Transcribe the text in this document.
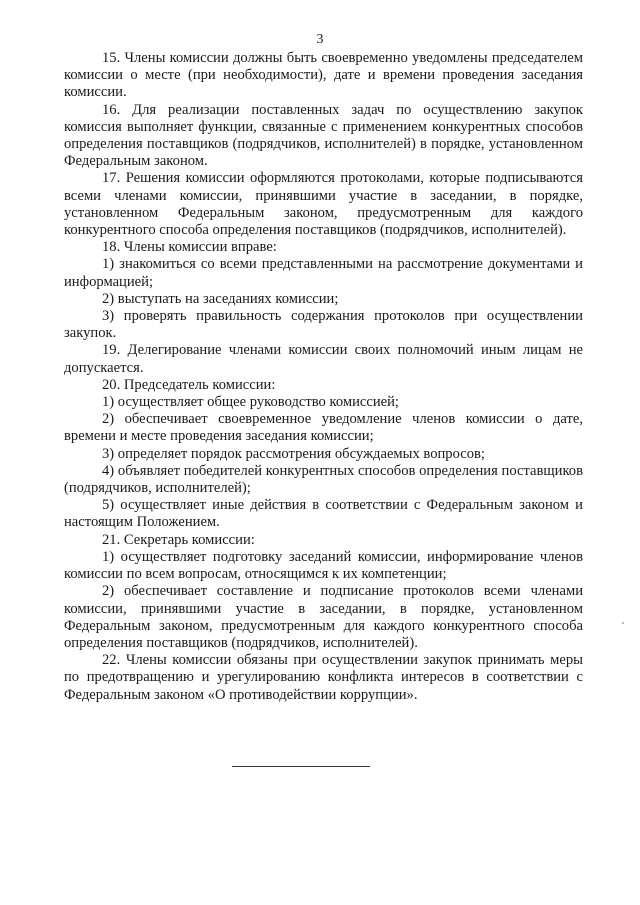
3

15. Члены комиссии должны быть своевременно уведомлены председателем комиссии о месте (при необходимости), дате и времени проведения заседания комиссии.

16. Для реализации поставленных задач по осуществлению закупок комиссия выполняет функции, связанные с применением конкурентных способов определения поставщиков (подрядчиков, исполнителей) в порядке, установленном Федеральным законом.

17. Решения комиссии оформляются протоколами, которые подписываются всеми членами комиссии, принявшими участие в заседании, в порядке, установленном Федеральным законом, предусмотренным для каждого конкурентного способа определения поставщиков (подрядчиков, исполнителей).

18. Члены комиссии вправе:

1) знакомиться со всеми представленными на рассмотрение документами и информацией;

2) выступать на заседаниях комиссии;

3) проверять правильность содержания протоколов при осуществлении закупок.

19. Делегирование членами комиссии своих полномочий иным лицам не допускается.

20. Председатель комиссии:

1) осуществляет общее руководство комиссией;

2) обеспечивает своевременное уведомление членов комиссии о дате, времени и месте проведения заседания комиссии;

3) определяет порядок рассмотрения обсуждаемых вопросов;

4) объявляет победителей конкурентных способов определения поставщиков (подрядчиков, исполнителей);

5) осуществляет иные действия в соответствии с Федеральным законом и настоящим Положением.

21. Секретарь комиссии:

1) осуществляет подготовку заседаний комиссии, информирование членов комиссии по всем вопросам, относящимся к их компетенции;

2) обеспечивает составление и подписание протоколов всеми членами комиссии, принявшими участие в заседании, в порядке, установленном Федеральным законом, предусмотренным для каждого конкурентного способа определения поставщиков (подрядчиков, исполнителей).

22. Члены комиссии обязаны при осуществлении закупок принимать меры по предотвращению и урегулированию конфликта интересов в соответствии с Федеральным законом «О противодействии коррупции».
